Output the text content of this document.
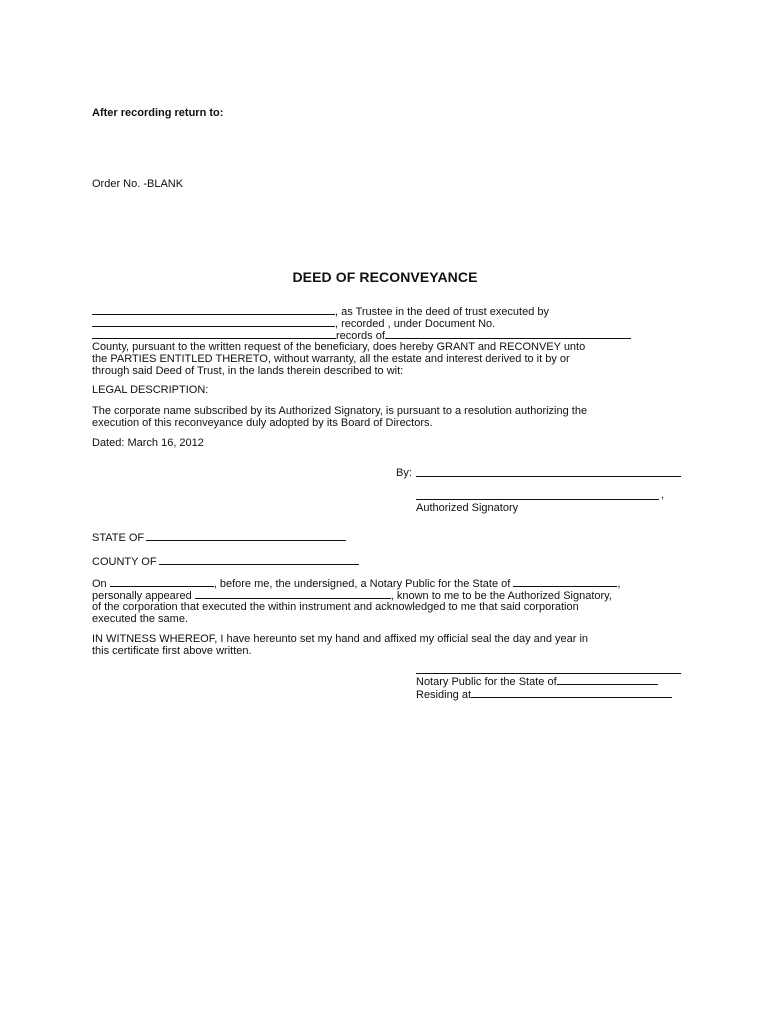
After recording return to:
Order No. -BLANK
DEED OF RECONVEYANCE
, as Trustee in the deed of trust executed by
, recorded , under Document No.
records of
County, pursuant to the written request of the beneficiary, does hereby GRANT and RECONVEY unto
the PARTIES ENTITLED THERETO, without warranty, all the estate and interest derived to it by or
through said Deed of Trust, in the lands therein described to wit:
LEGAL DESCRIPTION:
The corporate name subscribed by its Authorized Signatory, is pursuant to a resolution authorizing the
execution of this reconveyance duly adopted by its Board of Directors.
Dated: March 16, 2012
By:
,
Authorized Signatory
STATE OF
COUNTY OF
On	, before me, the undersigned, a Notary Public for the State of	,
personally appeared	, known to me to be the Authorized Signatory,
of the corporation that executed the within instrument and acknowledged to me that said corporation
executed the same.
IN WITNESS WHEREOF, I have hereunto set my hand and affixed my official seal the day and year in
this certificate first above written.
Notary Public for the State of
Residing at
